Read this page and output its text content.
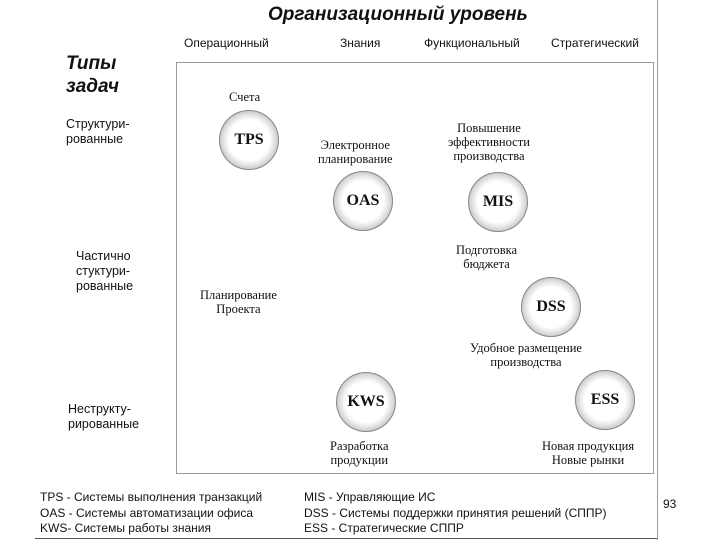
Организационный уровень
Операционный	Знания	Функциональный	Стратегический
Типы
задач
Структури-
рованные
Частично
стуктури-
рованные
Неструкту-
рированные
Счета
Электронное
планирование
Повышение
эффективности
производства
Подготовка
бюджета
Планирование
Проекта
Удобное размещение
производства
Разработка
продукции
Новая продукция
Новые рынки
TPS
OAS	MIS
DSS
KWS	ESS
TPS - Системы выполнения транзакций
OAS - Системы автоматизации офиса
KWS- Системы работы знания
MIS - Управляющие ИС
DSS - Системы поддержки принятия решений (СППР)
ESS - Стратегические СППР
93
